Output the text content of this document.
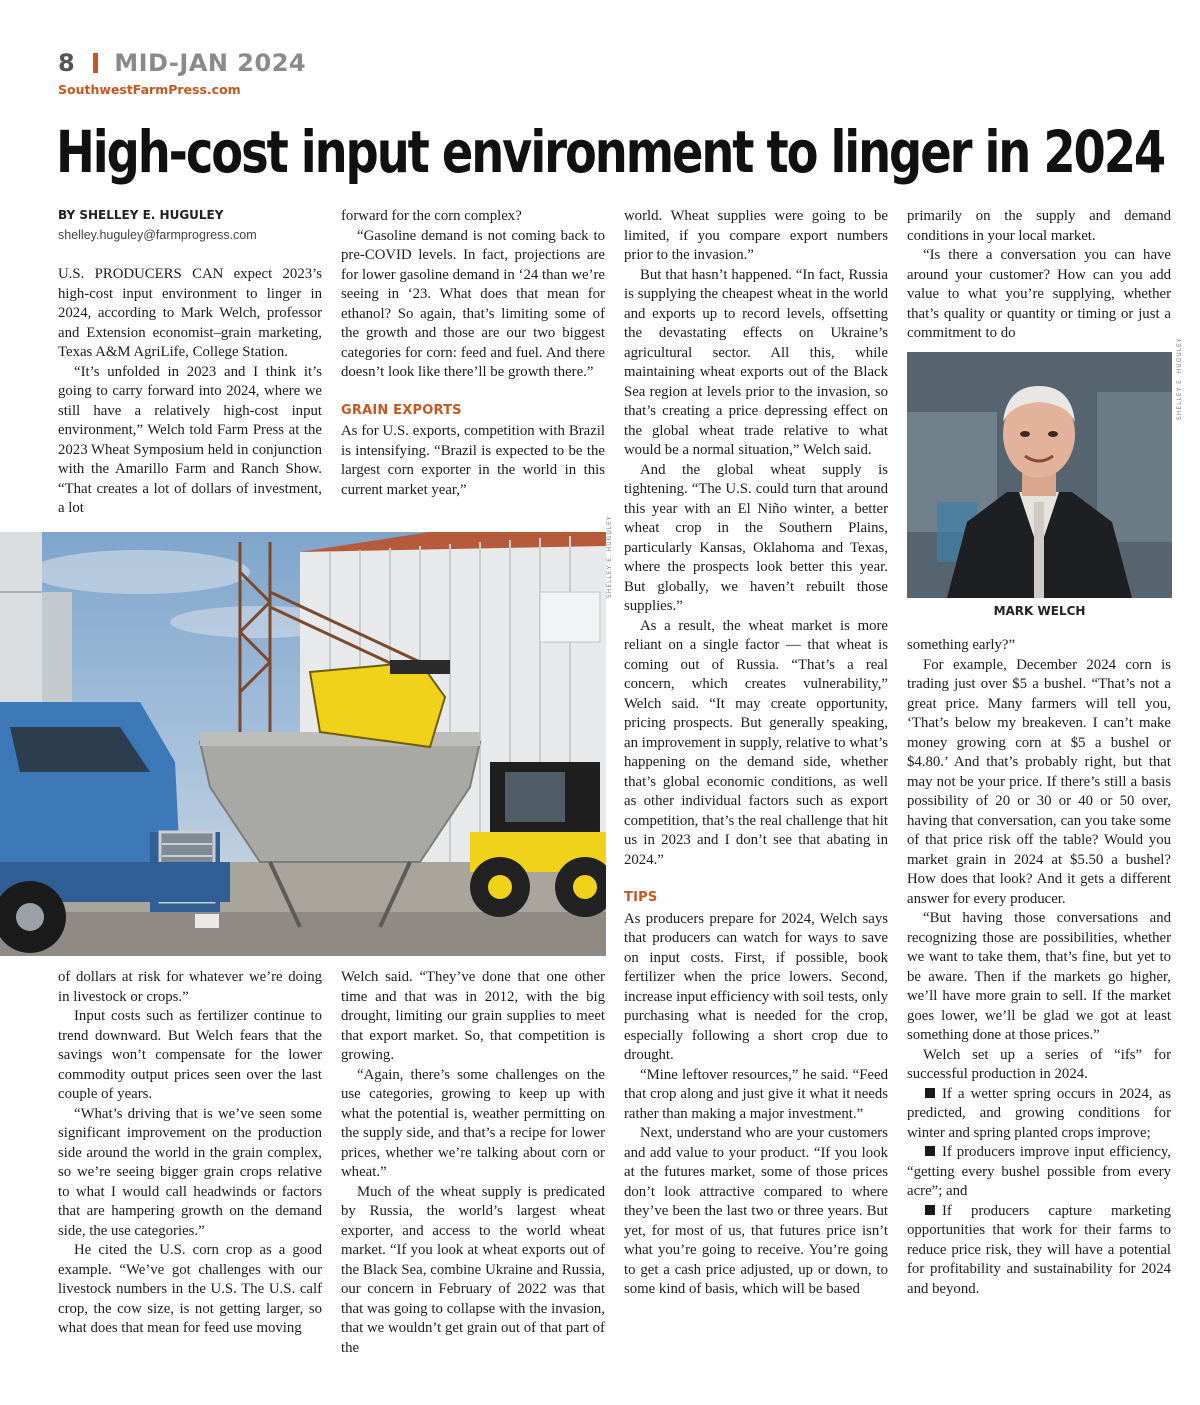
8 MID-JAN 2024
SouthwestFarmPress.com
High-cost input environment to linger in 2024
BY SHELLEY E. HUGULEY
shelley.huguley@farmprogress.com

U.S. PRODUCERS CAN expect 2023’s high-cost input environment to linger in 2024, according to Mark Welch, professor and Extension economist–grain marketing, Texas A&M AgriLife, College Station.

“It’s unfolded in 2023 and I think it’s going to carry forward into 2024, where we still have a relatively high-cost input environment,” Welch told Farm Press at the 2023 Wheat Symposium held in conjunction with the Amarillo Farm and Ranch Show. “That creates a lot of dollars of investment, a lot

forward for the corn complex?

“Gasoline demand is not coming back to pre-COVID levels. In fact, projections are for lower gasoline demand in ‘24 than we’re seeing in ‘23. What does that mean for ethanol? So again, that’s limiting some of the growth and those are our two biggest categories for corn: feed and fuel. And there doesn’t look like there’ll be growth there.”

GRAIN EXPORTS

As for U.S. exports, competition with Brazil is intensifying. “Brazil is expected to be the largest corn exporter in the world in this current market year,”

SHELLEY E. HUGULEY

world. Wheat supplies were going to be limited, if you compare export numbers prior to the invasion.”

But that hasn’t happened. “In fact, Russia is supplying the cheapest wheat in the world and exports up to record levels, offsetting the devastating effects on Ukraine’s agricultural sector. All this, while maintaining wheat exports out of the Black Sea region at levels prior to the invasion, so that’s creating a price depressing effect on the global wheat trade relative to what would be a normal situation,” Welch said.

And the global wheat supply is tightening. “The U.S. could turn that around this year with an El Niño winter, a better wheat crop in the Southern Plains, particularly Kansas, Oklahoma and Texas, where the prospects look better this year. But globally, we haven’t rebuilt those supplies.”

As a result, the wheat market is more reliant on a single factor — that wheat is coming out of Russia. “That’s a real concern, which creates vulnerability,” Welch said. “It may create opportunity, pricing prospects. But generally speaking, an improvement in supply, relative to what’s happening on the demand side, whether that’s global economic conditions, as well as other individual factors such as export competition, that’s the real challenge that hit us in 2023 and I don’t see that abating in 2024.”

TIPS

As producers prepare for 2024, Welch says that producers can watch for ways to save on input costs. First, if possible, book fertilizer when the price lowers. Second, increase input efficiency with soil tests, only purchasing what is needed for the crop, especially following a short crop due to drought.

“Mine leftover resources,” he said. “Feed that crop along and just give it what it needs rather than making a major investment.”

Next, understand who are your customers and add value to your product. “If you look at the futures market, some of those prices don’t look attractive compared to where they’ve been the last two or three years. But yet, for most of us, that futures price isn’t what you’re going to receive. You’re going to get a cash price adjusted, up or down, to some kind of basis, which will be based

primarily on the supply and demand conditions in your local market.

“Is there a conversation you can have around your customer? How can you add value to what you’re supplying, whether that’s quality or quantity or timing or just a commitment to do

SHELLEY E. HUGULEY
MARK WELCH

of dollars at risk for whatever we’re doing in livestock or crops.”

Input costs such as fertilizer continue to trend downward. But Welch fears that the savings won’t compensate for the lower commodity output prices seen over the last couple of years.

“What’s driving that is we’ve seen some significant improvement on the production side around the world in the grain complex, so we’re seeing bigger grain crops relative to what I would call headwinds or factors that are hampering growth on the demand side, the use categories.”

He cited the U.S. corn crop as a good example. “We’ve got challenges with our livestock numbers in the U.S. The U.S. calf crop, the cow size, is not getting larger, so what does that mean for feed use moving

Welch said. “They’ve done that one other time and that was in 2012, with the big drought, limiting our grain supplies to meet that export market. So, that competition is growing.

“Again, there’s some challenges on the use categories, growing to keep up with what the potential is, weather permitting on the supply side, and that’s a recipe for lower prices, whether we’re talking about corn or wheat.”

Much of the wheat supply is predicated by Russia, the world’s largest wheat exporter, and access to the world wheat market. “If you look at wheat exports out of the Black Sea, combine Ukraine and Russia, our concern in February of 2022 was that that was going to collapse with the invasion, that we wouldn’t get grain out of that part of the

something early?”

For example, December 2024 corn is trading just over $5 a bushel. “That’s not a great price. Many farmers will tell you, ‘That’s below my breakeven. I can’t make money growing corn at $5 a bushel or $4.80.’ And that’s probably right, but that may not be your price. If there’s still a basis possibility of 20 or 30 or 40 or 50 over, having that conversation, can you take some of that price risk off the table? Would you market grain in 2024 at $5.50 a bushel? How does that look? And it gets a different answer for every producer.

“But having those conversations and recognizing those are possibilities, whether we want to take them, that’s fine, but yet to be aware. Then if the markets go higher, we’ll have more grain to sell. If the market goes lower, we’ll be glad we got at least something done at those prices.”

Welch set up a series of “ifs” for successful production in 2024.

If a wetter spring occurs in 2024, as predicted, and growing conditions for winter and spring planted crops improve;

If producers improve input efficiency, “getting every bushel possible from every acre”; and

If producers capture marketing opportunities that work for their farms to reduce price risk, they will have a potential for profitability and sustainability for 2024 and beyond.
